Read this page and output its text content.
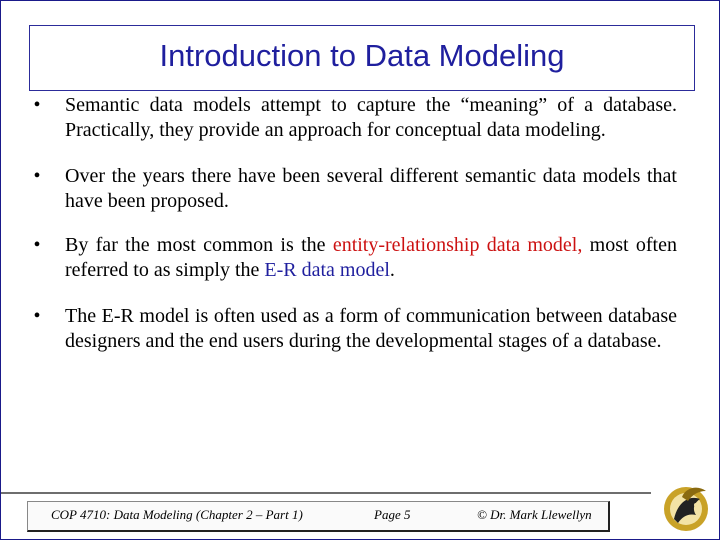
Introduction to Data Modeling
• Semantic data models attempt to capture the “meaning” of a database. Practically, they provide an approach for conceptual data modeling.
• Over the years there have been several different semantic data models that have been proposed.
• By far the most common is the entity-relationship data model, most often referred to as simply the E-R data model.
• The E-R model is often used as a form of communication between database designers and the end users during the developmental stages of a database.
COP 4710: Data Modeling (Chapter 2 – Part 1)	Page 5	© Dr. Mark Llewellyn
